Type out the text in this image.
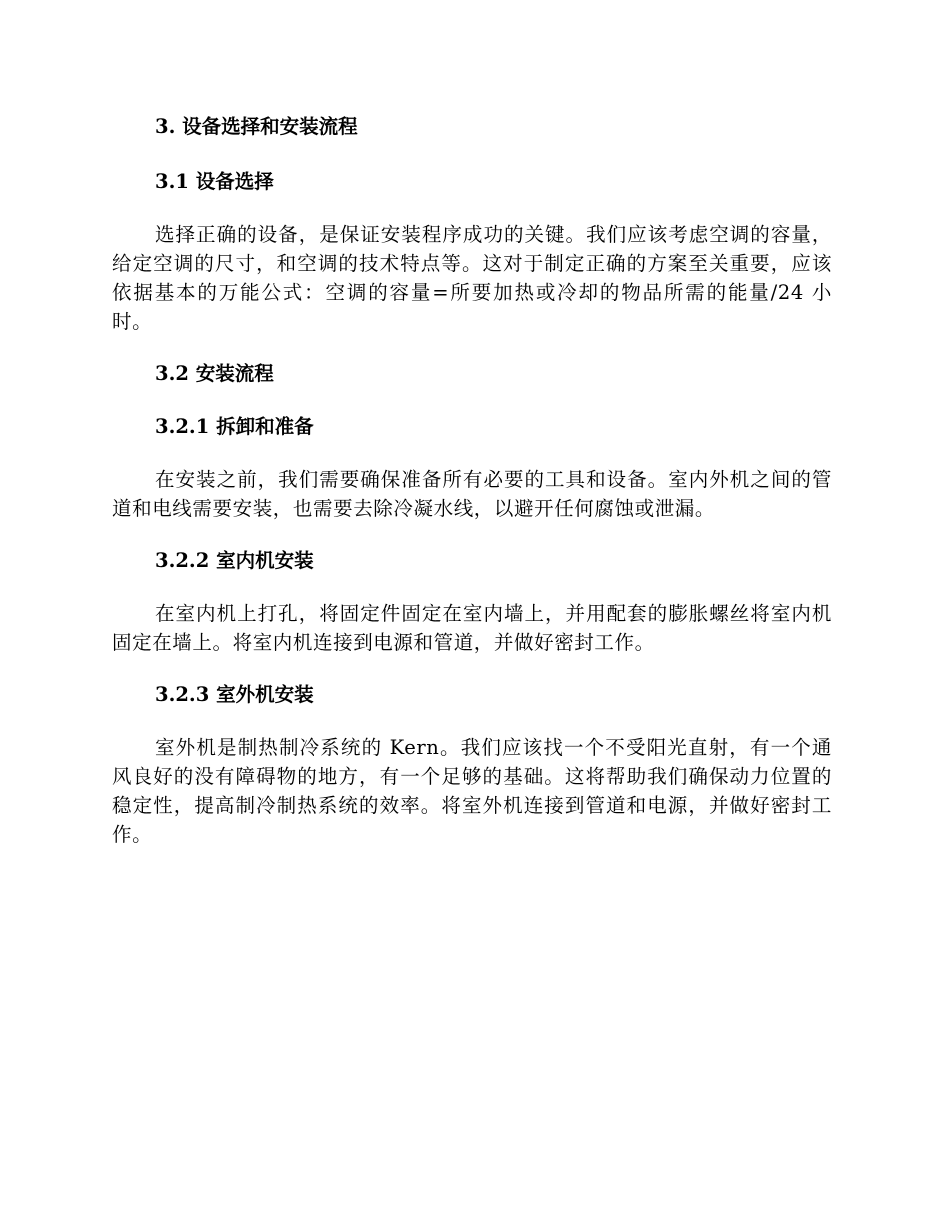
3. 设备选择和安装流程
3.1 设备选择

选择正确的设备，是保证安装程序成功的关键。我们应该考虑空调的容量，给定空调的尺寸，和空调的技术特点等。这对于制定正确的方案至关重要，应该依据基本的万能公式：空调的容量=所要加热或冷却的物品所需的能量/24 小时。

3.2 安装流程
3.2.1 拆卸和准备

在安装之前，我们需要确保准备所有必要的工具和设备。室内外机之间的管道和电线需要安装，也需要去除冷凝水线，以避开任何腐蚀或泄漏。

3.2.2 室内机安装

在室内机上打孔，将固定件固定在室内墙上，并用配套的膨胀螺丝将室内机固定在墙上。将室内机连接到电源和管道，并做好密封工作。

3.2.3 室外机安装

室外机是制热制冷系统的 Kern。我们应该找一个不受阳光直射，有一个通风良好的没有障碍物的地方，有一个足够的基础。这将帮助我们确保动力位置的稳定性，提高制冷制热系统的效率。将室外机连接到管道和电源，并做好密封工作。
